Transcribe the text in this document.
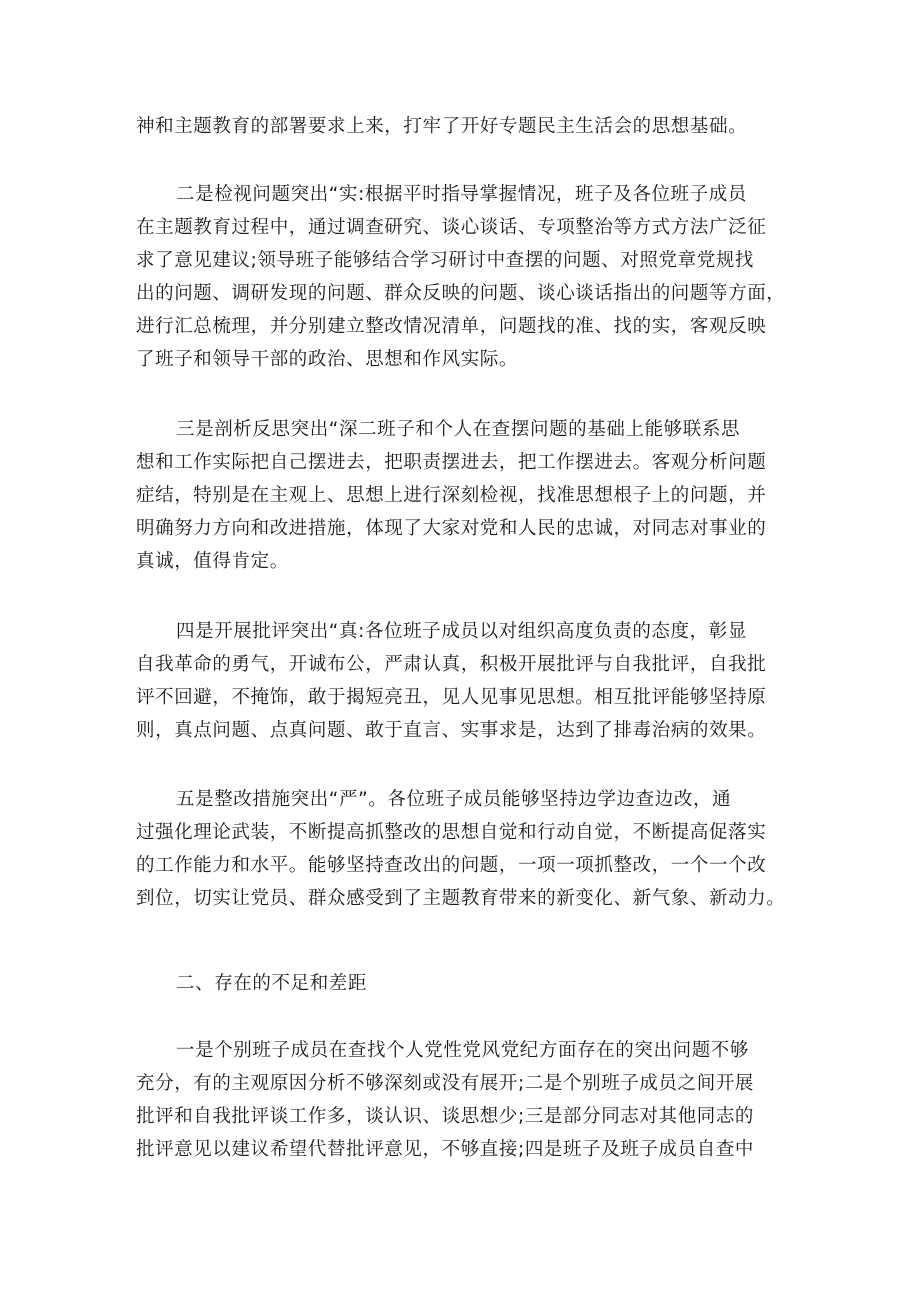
神和主题教育的部署要求上来，打牢了开好专题民主生活会的思想基础。
二是检视问题突出“实:根据平时指导掌握情况，班子及各位班子成员
在主题教育过程中，通过调查研究、谈心谈话、专项整治等方式方法广泛征
求了意见建议;领导班子能够结合学习研讨中查摆的问题、对照党章党规找
出的问题、调研发现的问题、群众反映的问题、谈心谈话指出的问题等方面，
进行汇总梳理，并分别建立整改情况清单，问题找的准、找的实，客观反映
了班子和领导干部的政治、思想和作风实际。
三是剖析反思突出“深二班子和个人在查摆问题的基础上能够联系思
想和工作实际把自己摆进去，把职责摆进去，把工作摆进去。客观分析问题
症结，特别是在主观上、思想上进行深刻检视，找准思想根子上的问题，并
明确努力方向和改进措施，体现了大家对党和人民的忠诚，对同志对事业的
真诚，值得肯定。
四是开展批评突出“真:各位班子成员以对组织高度负责的态度，彰显
自我革命的勇气，开诚布公，严肃认真，积极开展批评与自我批评，自我批
评不回避，不掩饰，敢于揭短亮丑，见人见事见思想。相互批评能够坚持原
则，真点问题、点真问题、敢于直言、实事求是，达到了排毒治病的效果。
五是整改措施突出“严”。各位班子成员能够坚持边学边查边改，通
过强化理论武装，不断提高抓整改的思想自觉和行动自觉，不断提高促落实
的工作能力和水平。能够坚持查改出的问题，一项一项抓整改，一个一个改
到位，切实让党员、群众感受到了主题教育带来的新变化、新气象、新动力。
二、存在的不足和差距
一是个别班子成员在查找个人党性党风党纪方面存在的突出问题不够
充分，有的主观原因分析不够深刻或没有展开;二是个别班子成员之间开展
批评和自我批评谈工作多，谈认识、谈思想少;三是部分同志对其他同志的
批评意见以建议希望代替批评意见，不够直接;四是班子及班子成员自查中
